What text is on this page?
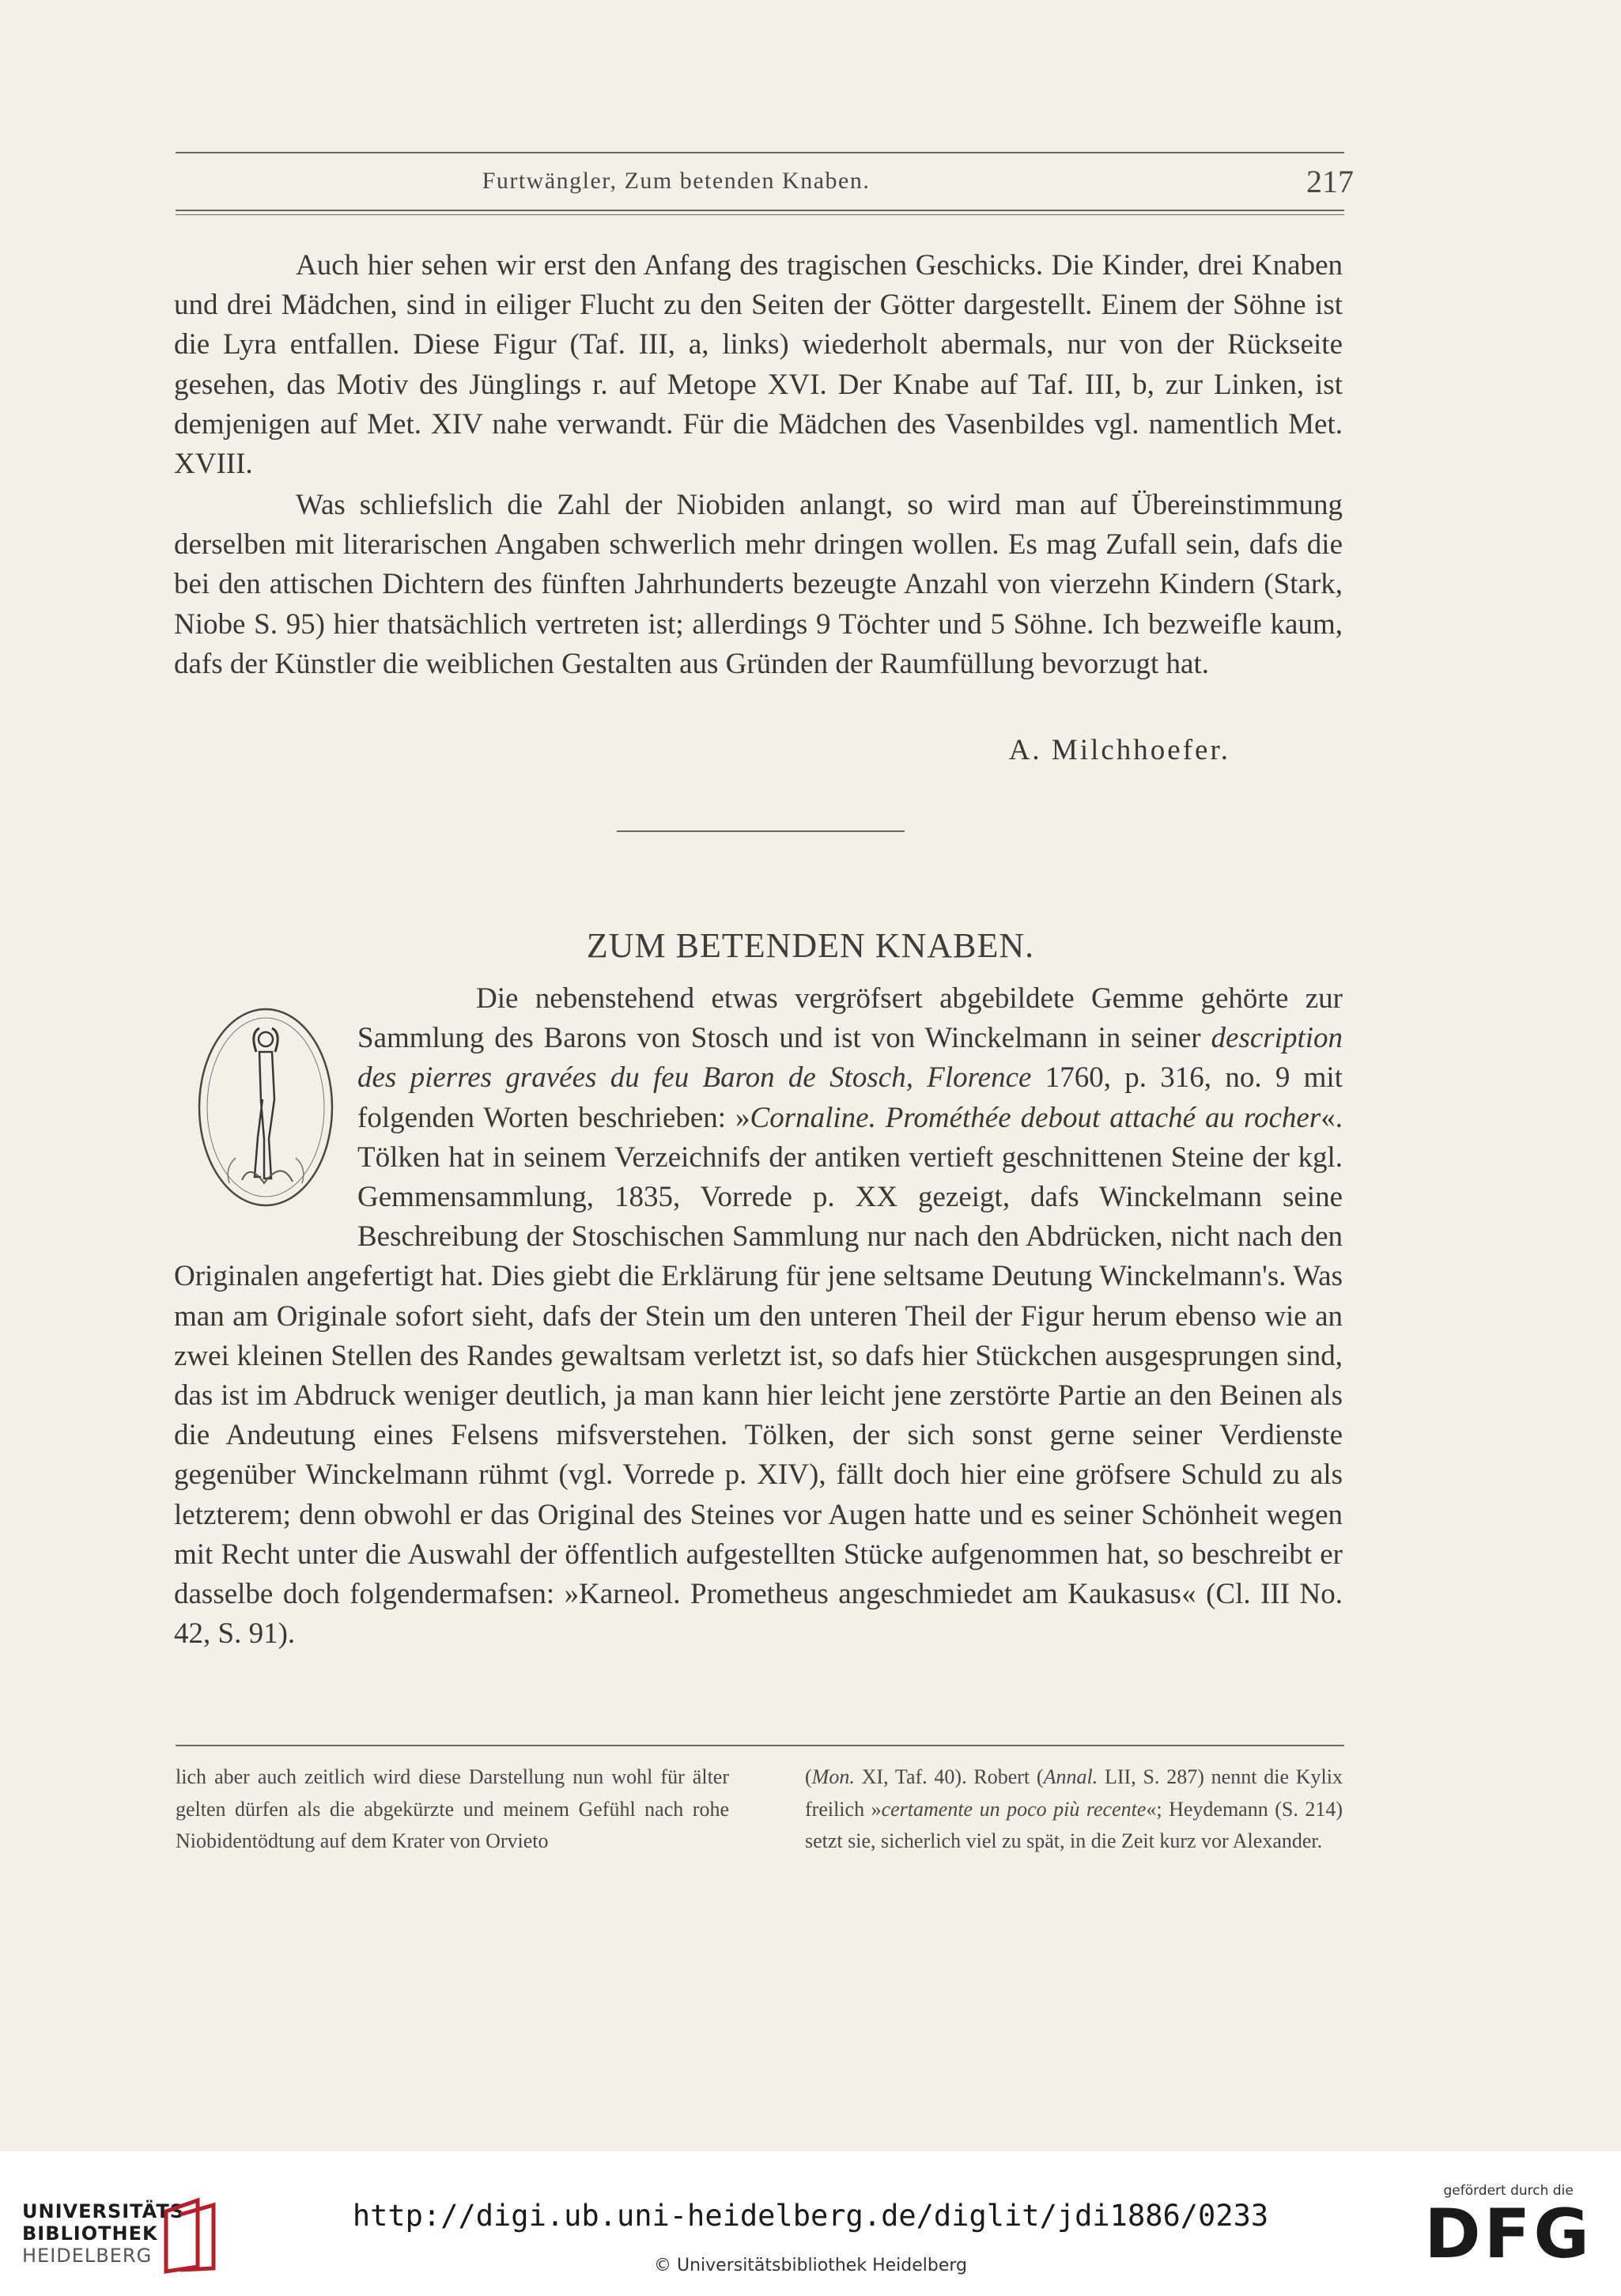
Furtwängler, Zum betenden Knaben.	217

Auch hier sehen wir erst den Anfang des tragischen Geschicks. Die Kinder, drei Knaben und drei Mädchen, sind in eiliger Flucht zu den Seiten der Götter dargestellt. Einem der Söhne ist die Lyra entfallen. Diese Figur (Taf. III, a, links) wiederholt abermals, nur von der Rückseite gesehen, das Motiv des Jünglings r. auf Metope XVI. Der Knabe auf Taf. III, b, zur Linken, ist demjenigen auf Met. XIV nahe verwandt. Für die Mädchen des Vasenbildes vgl. namentlich Met. XVIII.

Was schliefslich die Zahl der Niobiden anlangt, so wird man auf Übereinstimmung derselben mit literarischen Angaben schwerlich mehr dringen wollen. Es mag Zufall sein, dafs die bei den attischen Dichtern des fünften Jahrhunderts bezeugte Anzahl von vierzehn Kindern (Stark, Niobe S. 95) hier thatsächlich vertreten ist; allerdings 9 Töchter und 5 Söhne. Ich bezweifle kaum, dafs der Künstler die weiblichen Gestalten aus Gründen der Raumfüllung bevorzugt hat.

A. Milchhoefer.
ZUM BETENDEN KNABEN.

Die nebenstehend etwas vergröfsert abgebildete Gemme gehörte zur Sammlung des Barons von Stosch und ist von Winckelmann in seiner description des pierres gravées du feu Baron de Stosch, Florence 1760, p. 316, no. 9 mit folgenden Worten beschrieben: »Cornaline. Prométhée debout attaché au rocher«. Tölken hat in seinem Verzeichnifs der antiken vertieft geschnittenen Steine der kgl. Gemmensammlung, 1835, Vorrede p. XX gezeigt, dafs Winckelmann seine Beschreibung der Stoschischen Sammlung nur nach den Abdrücken, nicht nach den Originalen angefertigt hat. Dies giebt die Erklärung für jene seltsame Deutung Winckelmann's. Was man am Originale sofort sieht, dafs der Stein um den unteren Theil der Figur herum ebenso wie an zwei kleinen Stellen des Randes gewaltsam verletzt ist, so dafs hier Stückchen ausgesprungen sind, das ist im Abdruck weniger deutlich, ja man kann hier leicht jene zerstörte Partie an den Beinen als die Andeutung eines Felsens mifsverstehen. Tölken, der sich sonst gerne seiner Verdienste gegenüber Winckelmann rühmt (vgl. Vorrede p. XIV), fällt doch hier eine gröfsere Schuld zu als letzterem; denn obwohl er das Original des Steines vor Augen hatte und es seiner Schönheit wegen mit Recht unter die Auswahl der öffentlich aufgestellten Stücke aufgenommen hat, so beschreibt er dasselbe doch folgendermafsen: »Karneol. Prometheus angeschmiedet am Kaukasus« (Cl. III No. 42, S. 91).

lich aber auch zeitlich wird diese Darstellung nun wohl für älter gelten dürfen als die abgekürzte und meinem Gefühl nach rohe Niobidentödtung auf dem Krater von Orvieto

(Mon. XI, Taf. 40). Robert (Annal. LII, S. 287) nennt die Kylix freilich »certamente un poco più recente«; Heydemann (S. 214) setzt sie, sicherlich viel zu spät, in die Zeit kurz vor Alexander.

UNIVERSITÄTS-
BIBLIOTHEK
HEIDELBERG
http://digi.ub.uni-heidelberg.de/diglit/jdi1886/0233
© Universitätsbibliothek Heidelberg
gefördert durch die
DFG
